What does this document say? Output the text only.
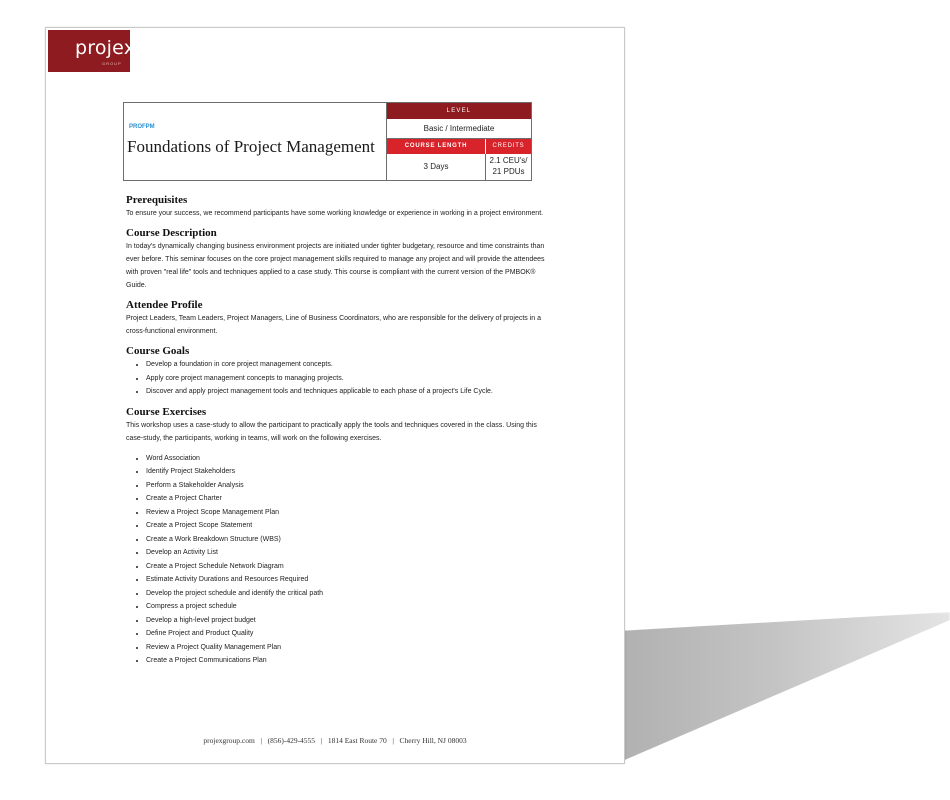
projex
GROUP
PROFPM
Foundations of Project Management
LEVEL
Basic / Intermediate
COURSE LENGTH	CREDITS
3 Days
2.1 CEU's/
21 PDUs
Prerequisites

To ensure your success, we recommend participants have some working knowledge or experience in working in a project environment.

Course Description

In today's dynamically changing business environment projects are initiated under tighter budgetary, resource and time constraints than ever before. This seminar focuses on the core project management skills required to manage any project and will provide the attendees with proven "real life" tools and techniques applied to a case study. This course is compliant with the current version of the PMBOK® Guide.

Attendee Profile

Project Leaders, Team Leaders, Project Managers, Line of Business Coordinators, who are responsible for the delivery of projects in a cross-functional environment.

Course Goals
• Develop a foundation in core project management concepts.
• Apply core project management concepts to managing projects.
• Discover and apply project management tools and techniques applicable to each phase of a project's Life Cycle.
Course Exercises

This workshop uses a case-study to allow the participant to practically apply the tools and techniques covered in the class. Using this case-study, the participants, working in teams, will work on the following exercises.

• Word Association
• Identify Project Stakeholders
• Perform a Stakeholder Analysis
• Create a Project Charter
• Review a Project Scope Management Plan
• Create a Project Scope Statement
• Create a Work Breakdown Structure (WBS)
• Develop an Activity List
• Create a Project Schedule Network Diagram
• Estimate Activity Durations and Resources Required
• Develop the project schedule and identify the critical path
• Compress a project schedule
• Develop a high-level project budget
• Define Project and Product Quality
• Review a Project Quality Management Plan
• Create a Project Communications Plan
projexgroup.com   |   (856)-429-4555   |   1814 East Route 70   |   Cherry Hill, NJ 08003
